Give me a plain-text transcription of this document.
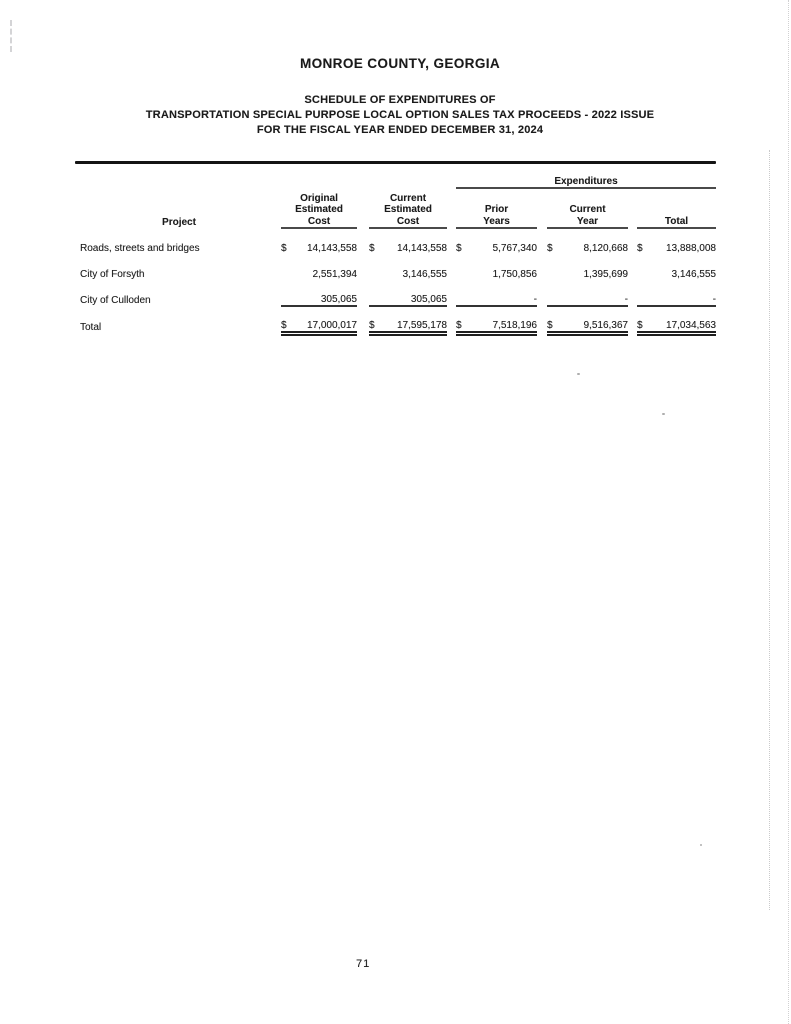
MONROE COUNTY, GEORGIA
SCHEDULE OF EXPENDITURES OF
TRANSPORTATION SPECIAL PURPOSE LOCAL OPTION SALES TAX PROCEEDS - 2022 ISSUE
FOR THE FISCAL YEAR ENDED DECEMBER 31, 2024
						Expenditures				
Project		
Original
Estimated
Cost

Current
Estimated
Cost

Prior
Years

Current
Year		Total
Roads, streets and bridges		$ 14,143,558		$ 14,143,558		$ 5,767,340		$ 8,120,668		$ 13,888,008

City of Forsyth		2,551,394		3,146,555		1,750,856		1,395,699		3,146,555

City of Culloden		305,065		305,065		-		-		-

Total		$ 17,000,017		$ 17,595,178		$ 7,518,196		$ 9,516,367		$ 17,034,563
71
